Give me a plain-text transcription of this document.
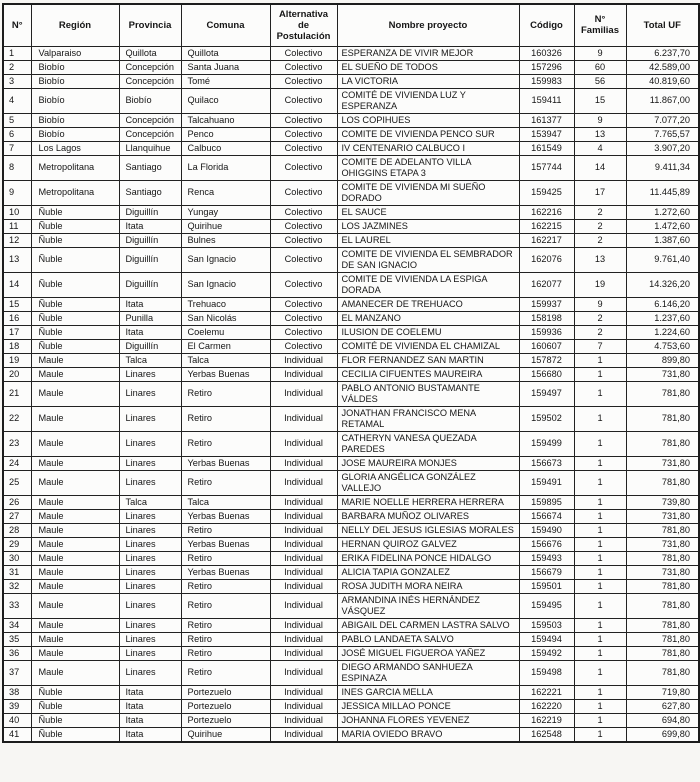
N°	Región	Provincia	Comuna	Alternativa de Postulación	Nombre proyecto	Código	N° Familias	Total UF
1	Valparaiso	Quillota	Quillota	Colectivo	ESPERANZA DE VIVIR MEJOR	160326	9	6.237,70
2	Biobío	Concepción	Santa Juana	Colectivo	EL SUEÑO DE TODOS	157296	60	42.589,00
3	Biobío	Concepción	Tomé	Colectivo	LA VICTORIA	159983	56	40.819,60
4	Biobío	Biobío	Quilaco	Colectivo	COMITÉ DE VIVIENDA LUZ Y ESPERANZA	159411	15	11.867,00
5	Biobío	Concepción	Talcahuano	Colectivo	LOS COPIHUES	161377	9	7.077,20
6	Biobío	Concepción	Penco	Colectivo	COMITE DE VIVIENDA PENCO SUR	153947	13	7.765,57
7	Los Lagos	Llanquihue	Calbuco	Colectivo	IV CENTENARIO CALBUCO I	161549	4	3.907,20
8	Metropolitana	Santiago	La Florida	Colectivo	COMITE DE ADELANTO VILLA OHIGGINS ETAPA 3	157744	14	9.411,34
9	Metropolitana	Santiago	Renca	Colectivo	COMITE DE VIVIENDA MI SUEÑO DORADO	159425	17	11.445,89
10	Ñuble	Diguillín	Yungay	Colectivo	EL SAUCE	162216	2	1.272,60
11	Ñuble	Itata	Quirihue	Colectivo	LOS JAZMINES	162215	2	1.472,60
12	Ñuble	Diguillín	Bulnes	Colectivo	EL LAUREL	162217	2	1.387,60
13	Ñuble	Diguillín	San Ignacio	Colectivo	COMITE DE VIVIENDA EL SEMBRADOR DE SAN IGNACIO	162076	13	9.761,40
14	Ñuble	Diguillín	San Ignacio	Colectivo	COMITE DE VIVIENDA LA ESPIGA DORADA	162077	19	14.326,20
15	Ñuble	Itata	Trehuaco	Colectivo	AMANECER DE TREHUACO	159937	9	6.146,20
16	Ñuble	Punilla	San Nicolás	Colectivo	EL MANZANO	158198	2	1.237,60
17	Ñuble	Itata	Coelemu	Colectivo	ILUSION DE COELEMU	159936	2	1.224,60
18	Ñuble	Diguillín	El Carmen	Colectivo	COMITÉ DE VIVIENDA EL CHAMIZAL	160607	7	4.753,60
19	Maule	Talca	Talca	Individual	FLOR FERNANDEZ SAN MARTIN	157872	1	899,80
20	Maule	Linares	Yerbas Buenas	Individual	CECILIA CIFUENTES MAUREIRA	156680	1	731,80
21	Maule	Linares	Retiro	Individual	PABLO ANTONIO BUSTAMANTE VÁLDES	159497	1	781,80
22	Maule	Linares	Retiro	Individual	JONATHAN FRANCISCO MENA RETAMAL	159502	1	781,80
23	Maule	Linares	Retiro	Individual	CATHERYN VANESA QUEZADA PAREDES	159499	1	781,80
24	Maule	Linares	Yerbas Buenas	Individual	JOSE MAUREIRA MONJES	156673	1	731,80
25	Maule	Linares	Retiro	Individual	GLORIA ANGÉLICA GONZÁLEZ VALLEJO	159491	1	781,80
26	Maule	Talca	Talca	Individual	MARIE NOELLE HERRERA HERRERA	159895	1	739,80
27	Maule	Linares	Yerbas Buenas	Individual	BARBARA MUÑOZ OLIVARES	156674	1	731,80
28	Maule	Linares	Retiro	Individual	NELLY DEL JESUS IGLESIAS MORALES	159490	1	781,80
29	Maule	Linares	Yerbas Buenas	Individual	HERNAN QUIROZ GALVEZ	156676	1	731,80
30	Maule	Linares	Retiro	Individual	ERIKA FIDELINA PONCE HIDALGO	159493	1	781,80
31	Maule	Linares	Yerbas Buenas	Individual	ALICIA TAPIA GONZALEZ	156679	1	731,80
32	Maule	Linares	Retiro	Individual	ROSA JUDITH MORA NEIRA	159501	1	781,80
33	Maule	Linares	Retiro	Individual	ARMANDINA INÉS HERNÁNDEZ VÁSQUEZ	159495	1	781,80
34	Maule	Linares	Retiro	Individual	ABIGAIL DEL CARMEN LASTRA SALVO	159503	1	781,80
35	Maule	Linares	Retiro	Individual	PABLO LANDAETA SALVO	159494	1	781,80
36	Maule	Linares	Retiro	Individual	JOSÉ MIGUEL FIGUEROA YAÑEZ	159492	1	781,80
37	Maule	Linares	Retiro	Individual	DIEGO ARMANDO SANHUEZA ESPINAZA	159498	1	781,80
38	Ñuble	Itata	Portezuelo	Individual	INES GARCIA MELLA	162221	1	719,80
39	Ñuble	Itata	Portezuelo	Individual	JESSICA MILLAO PONCE	162220	1	627,80
40	Ñuble	Itata	Portezuelo	Individual	JOHANNA FLORES YEVENEZ	162219	1	694,80
41	Ñuble	Itata	Quirihue	Individual	MARIA OVIEDO BRAVO	162548	1	699,80
